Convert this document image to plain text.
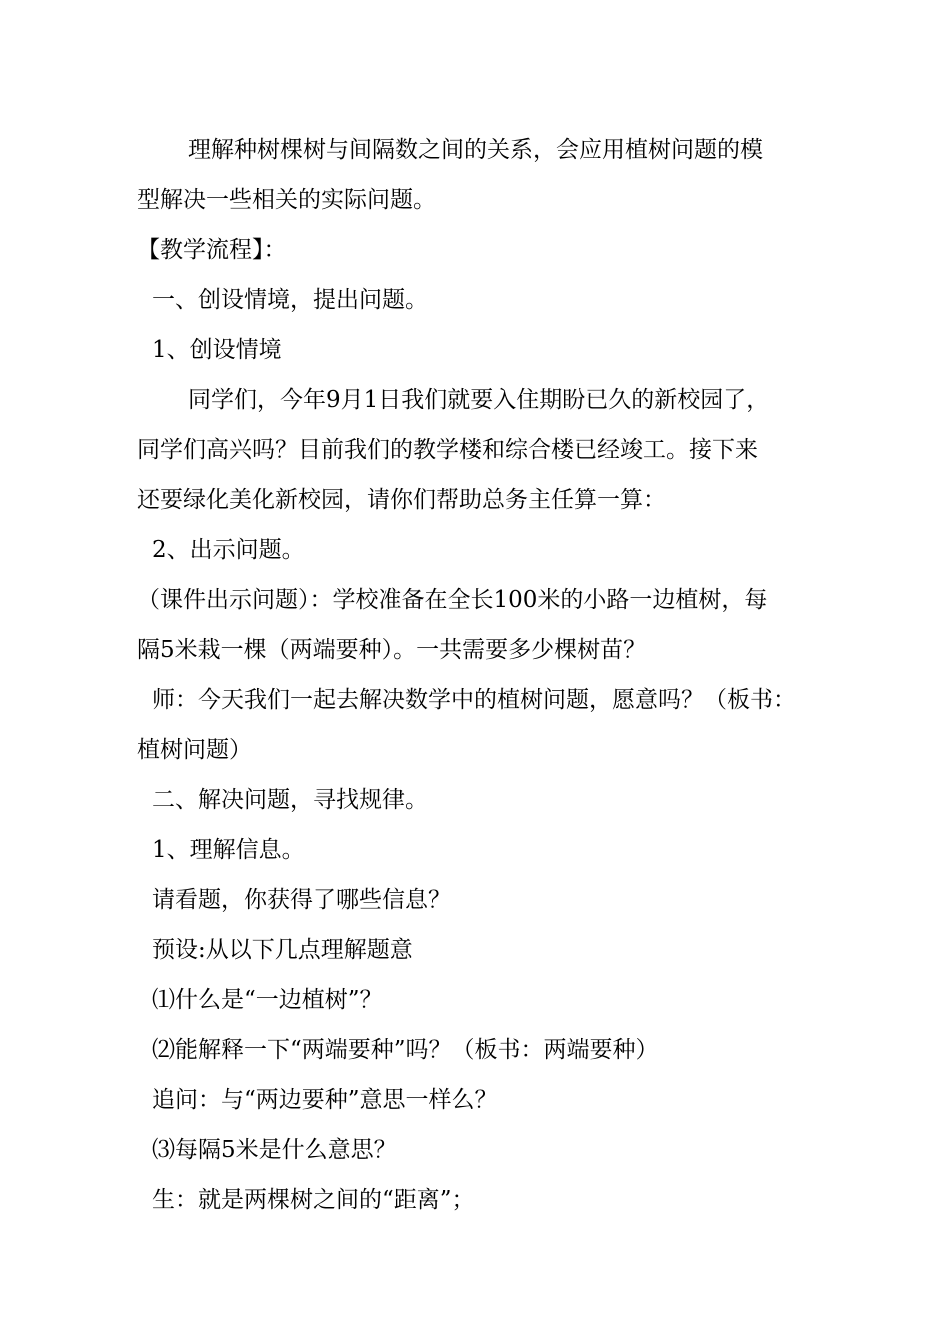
理解种树棵树与间隔数之间的关系，会应用植树问题的模
型解决一些相关的实际问题。
【教学流程】：
一、创设情境，提出问题。
1、创设情境
同学们，今年9月1日我们就要入住期盼已久的新校园了，
同学们高兴吗？目前我们的教学楼和综合楼已经竣工。接下来
还要绿化美化新校园，请你们帮助总务主任算一算：
2、出示问题。
（课件出示问题）：学校准备在全长100米的小路一边植树，每
隔5米栽一棵（两端要种）。一共需要多少棵树苗？
师：今天我们一起去解决数学中的植树问题，愿意吗？（板书：
植树问题）
二、解决问题，寻找规律。
1、理解信息。
请看题，你获得了哪些信息？
预设:从以下几点理解题意
⑴什么是“一边植树”？
⑵能解释一下“两端要种”吗？（板书：两端要种）
追问：与“两边要种”意思一样么？
⑶每隔5米是什么意思？
生：就是两棵树之间的“距离”；
